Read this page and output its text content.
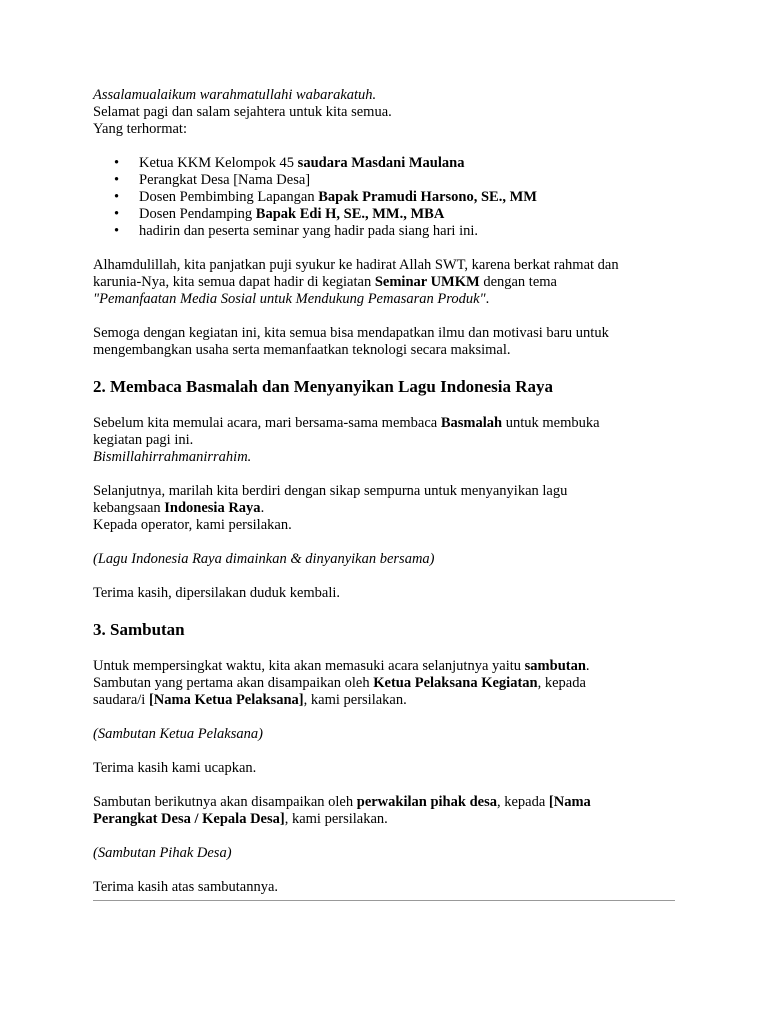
Assalamualaikum warahmatullahi wabarakatuh.

Selamat pagi dan salam sejahtera untuk kita semua.

Yang terhormat:

• Ketua KKM Kelompok 45 saudara Masdani Maulana
• Perangkat Desa [Nama Desa]
• Dosen Pembimbing Lapangan Bapak Pramudi Harsono, SE., MM
• Dosen Pendamping Bapak Edi H, SE., MM., MBA
• hadirin dan peserta seminar yang hadir pada siang hari ini.

Alhamdulillah, kita panjatkan puji syukur ke hadirat Allah SWT, karena berkat rahmat dan
karunia-Nya, kita semua dapat hadir di kegiatan Seminar UMKM dengan tema
"Pemanfaatan Media Sosial untuk Mendukung Pemasaran Produk".

Semoga dengan kegiatan ini, kita semua bisa mendapatkan ilmu dan motivasi baru untuk
mengembangkan usaha serta memanfaatkan teknologi secara maksimal.

2. Membaca Basmalah dan Menyanyikan Lagu Indonesia Raya

Sebelum kita memulai acara, mari bersama-sama membaca Basmalah untuk membuka
kegiatan pagi ini.
Bismillahirrahmanirrahim.

Selanjutnya, marilah kita berdiri dengan sikap sempurna untuk menyanyikan lagu
kebangsaan Indonesia Raya.
Kepada operator, kami persilakan.

(Lagu Indonesia Raya dimainkan & dinyanyikan bersama)

Terima kasih, dipersilakan duduk kembali.

3. Sambutan

Untuk mempersingkat waktu, kita akan memasuki acara selanjutnya yaitu sambutan.
Sambutan yang pertama akan disampaikan oleh Ketua Pelaksana Kegiatan, kepada
saudara/i [Nama Ketua Pelaksana], kami persilakan.

(Sambutan Ketua Pelaksana)

Terima kasih kami ucapkan.

Sambutan berikutnya akan disampaikan oleh perwakilan pihak desa, kepada [Nama
Perangkat Desa / Kepala Desa], kami persilakan.

(Sambutan Pihak Desa)

Terima kasih atas sambutannya.
